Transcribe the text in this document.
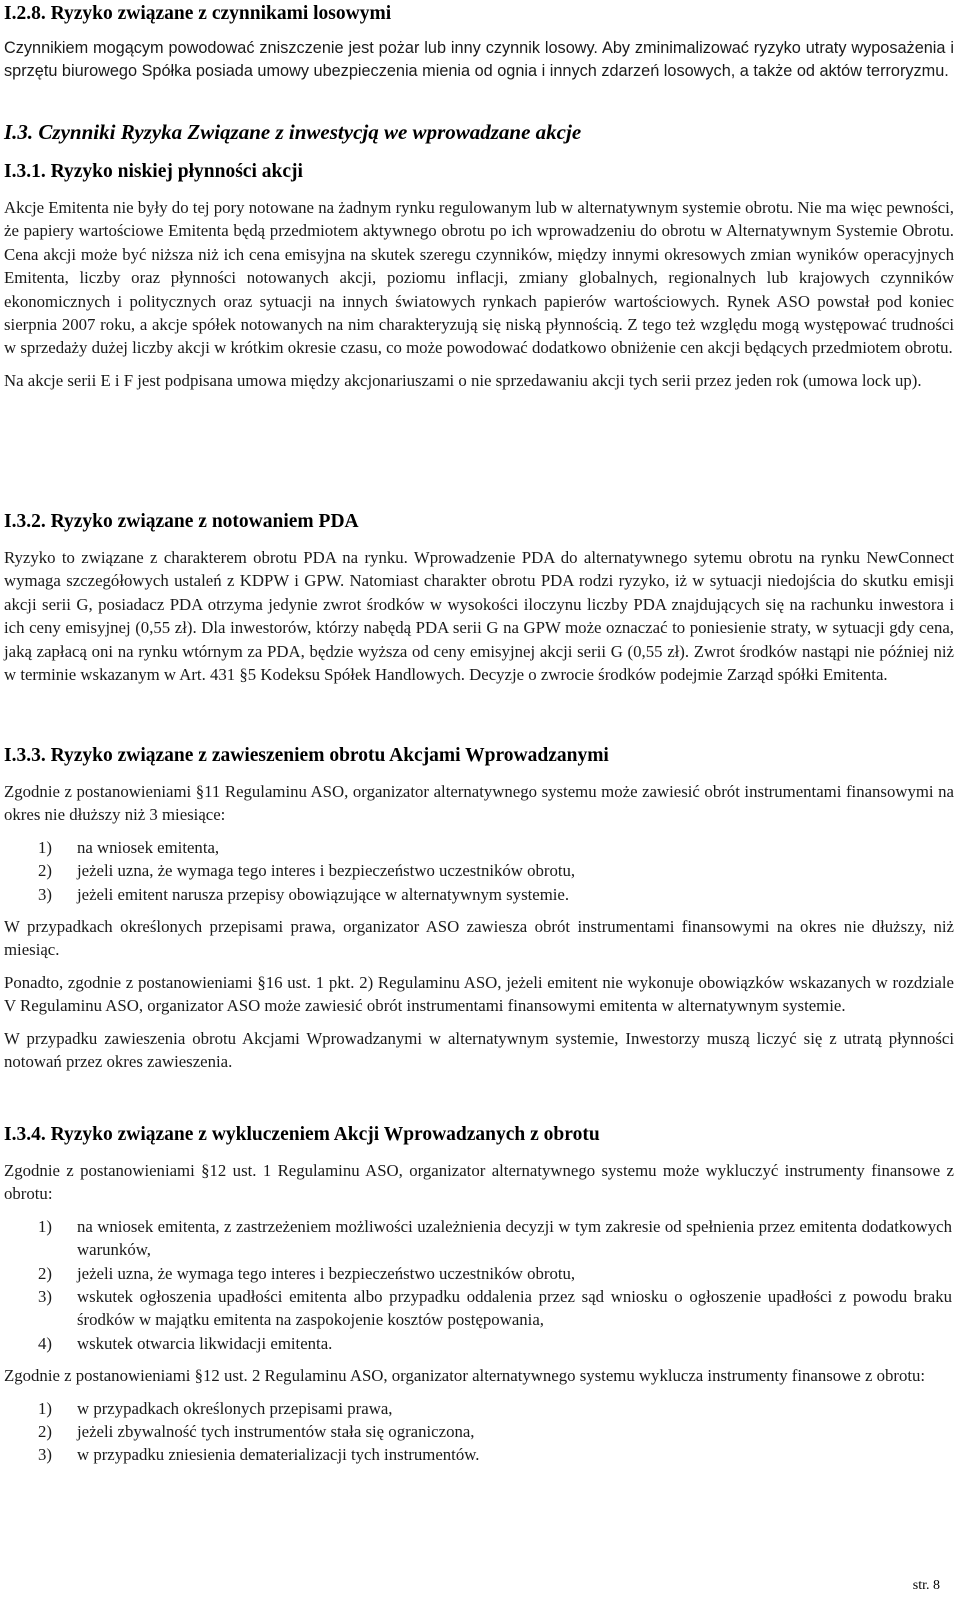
I.2.8. Ryzyko związane z czynnikami losowymi

Czynnikiem mogącym powodować zniszczenie jest pożar lub inny czynnik losowy. Aby zminimalizować ryzyko utraty wyposażenia i sprzętu biurowego Spółka posiada umowy ubezpieczenia mienia od ognia i innych zdarzeń losowych, a także od aktów terroryzmu.

I.3. Czynniki Ryzyka Związane z inwestycją we wprowadzane akcje
I.3.1. Ryzyko niskiej płynności akcji

Akcje Emitenta nie były do tej pory notowane na żadnym rynku regulowanym lub w alternatywnym systemie obrotu. Nie ma więc pewności, że papiery wartościowe Emitenta będą przedmiotem aktywnego obrotu po ich wprowadzeniu do obrotu w Alternatywnym Systemie Obrotu. Cena akcji może być niższa niż ich cena emisyjna na skutek szeregu czynników, między innymi okresowych zmian wyników operacyjnych Emitenta, liczby oraz płynności notowanych akcji, poziomu inflacji, zmiany globalnych, regionalnych lub krajowych czynników ekonomicznych i politycznych oraz sytuacji na innych światowych rynkach papierów wartościowych. Rynek ASO powstał pod koniec sierpnia 2007 roku, a akcje spółek notowanych na nim charakteryzują się niską płynnością. Z tego też względu mogą występować trudności w sprzedaży dużej liczby akcji w krótkim okresie czasu, co może powodować dodatkowo obniżenie cen akcji będących przedmiotem obrotu.

Na akcje serii E i F jest podpisana umowa między akcjonariuszami o nie sprzedawaniu akcji tych serii przez jeden rok (umowa lock up).

I.3.2. Ryzyko związane z notowaniem PDA

Ryzyko to związane z charakterem obrotu PDA na rynku. Wprowadzenie PDA do alternatywnego sytemu obrotu na rynku NewConnect wymaga szczegółowych ustaleń z KDPW i GPW. Natomiast charakter obrotu PDA rodzi ryzyko, iż w sytuacji niedojścia do skutku emisji akcji serii G, posiadacz PDA otrzyma jedynie zwrot środków w wysokości iloczynu liczby PDA znajdujących się na rachunku inwestora i ich ceny emisyjnej (0,55 zł). Dla inwestorów, którzy nabędą PDA serii G na GPW może oznaczać to poniesienie straty, w sytuacji gdy cena, jaką zapłacą oni na rynku wtórnym za PDA, będzie wyższa od ceny emisyjnej akcji serii G (0,55 zł). Zwrot środków nastąpi nie później niż w terminie wskazanym w Art. 431 §5 Kodeksu Spółek Handlowych. Decyzje o zwrocie środków podejmie Zarząd spółki Emitenta.

I.3.3. Ryzyko związane z zawieszeniem obrotu Akcjami Wprowadzanymi

Zgodnie z postanowieniami §11 Regulaminu ASO, organizator alternatywnego systemu może zawiesić obrót instrumentami finansowymi na okres nie dłuższy niż 3 miesiące:

1) na wniosek emitenta,
2) jeżeli uzna, że wymaga tego interes i bezpieczeństwo uczestników obrotu,
3) jeżeli emitent narusza przepisy obowiązujące w alternatywnym systemie.

W przypadkach określonych przepisami prawa, organizator ASO zawiesza obrót instrumentami finansowymi na okres nie dłuższy, niż miesiąc.

Ponadto, zgodnie z postanowieniami §16 ust. 1 pkt. 2) Regulaminu ASO, jeżeli emitent nie wykonuje obowiązków wskazanych w rozdziale V Regulaminu ASO, organizator ASO może zawiesić obrót instrumentami finansowymi emitenta w alternatywnym systemie.

W przypadku zawieszenia obrotu Akcjami Wprowadzanymi w alternatywnym systemie, Inwestorzy muszą liczyć się z utratą płynności notowań przez okres zawieszenia.

I.3.4. Ryzyko związane z wykluczeniem Akcji Wprowadzanych z obrotu

Zgodnie z postanowieniami §12 ust. 1 Regulaminu ASO, organizator alternatywnego systemu może wykluczyć instrumenty finansowe z obrotu:

1) na wniosek emitenta, z zastrzeżeniem możliwości uzależnienia decyzji w tym zakresie od spełnienia przez emitenta dodatkowych warunków,
2) jeżeli uzna, że wymaga tego interes i bezpieczeństwo uczestników obrotu,
3) wskutek ogłoszenia upadłości emitenta albo przypadku oddalenia przez sąd wniosku o ogłoszenie upadłości z powodu braku środków w majątku emitenta na zaspokojenie kosztów postępowania,
4) wskutek otwarcia likwidacji emitenta.

Zgodnie z postanowieniami §12 ust. 2 Regulaminu ASO, organizator alternatywnego systemu wyklucza instrumenty finansowe z obrotu:

1) w przypadkach określonych przepisami prawa,
2) jeżeli zbywalność tych instrumentów stała się ograniczona,
3) w przypadku zniesienia dematerializacji tych instrumentów.
str. 8
